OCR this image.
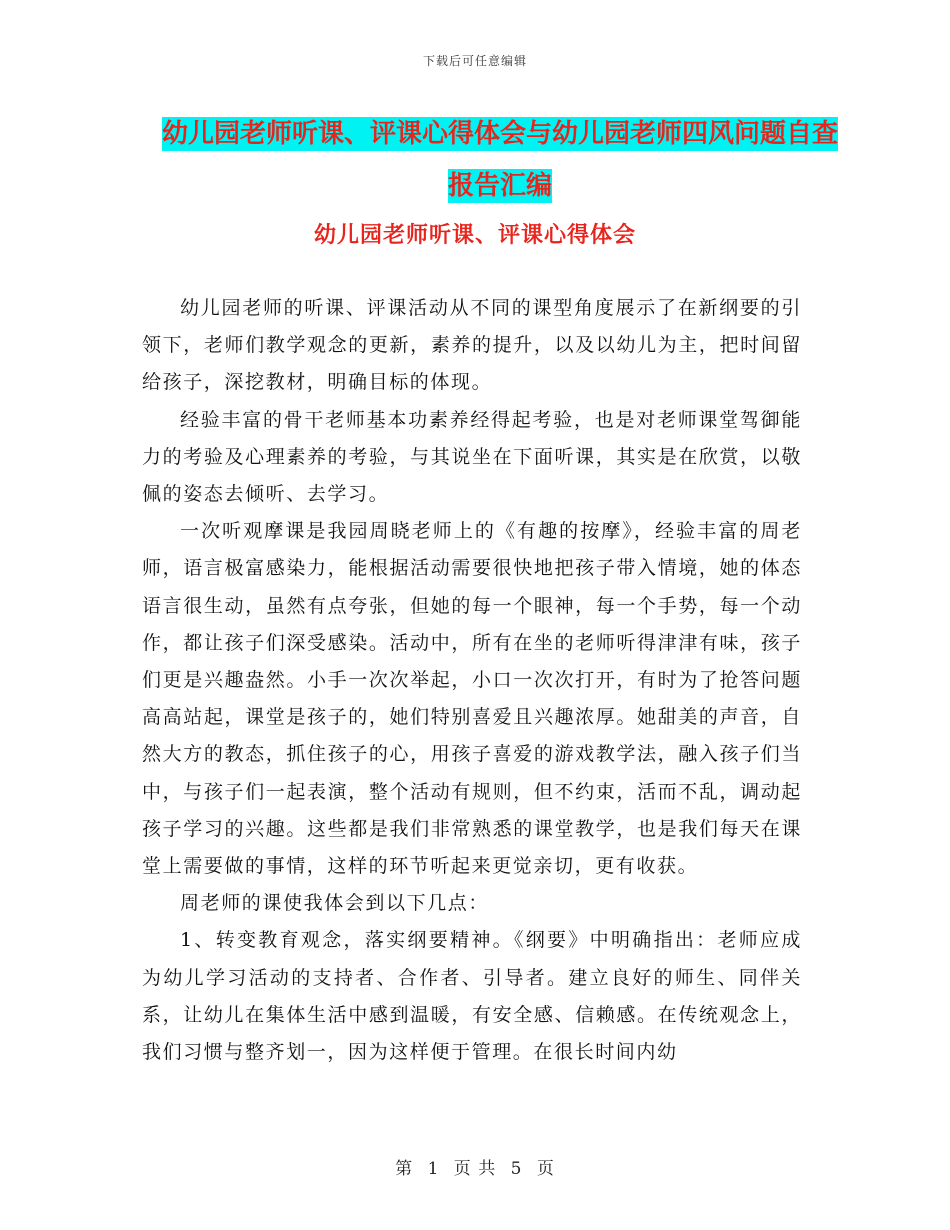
下载后可任意编辑
幼儿园老师听课、评课心得体会与幼儿园老师四风问题自查报告汇编
幼儿园老师听课、评课心得体会

幼儿园老师的听课、评课活动从不同的课型角度展示了在新纲要的引领下，老师们教学观念的更新，素养的提升，以及以幼儿为主，把时间留给孩子，深挖教材，明确目标的体现。

经验丰富的骨干老师基本功素养经得起考验，也是对老师课堂驾御能力的考验及心理素养的考验，与其说坐在下面听课，其实是在欣赏，以敬佩的姿态去倾听、去学习。

一次听观摩课是我园周晓老师上的《有趣的按摩》，经验丰富的周老师，语言极富感染力，能根据活动需要很快地把孩子带入情境，她的体态语言很生动，虽然有点夸张，但她的每一个眼神，每一个手势，每一个动作，都让孩子们深受感染。活动中，所有在坐的老师听得津津有味，孩子们更是兴趣盎然。小手一次次举起，小口一次次打开，有时为了抢答问题高高站起，课堂是孩子的，她们特别喜爱且兴趣浓厚。她甜美的声音，自然大方的教态，抓住孩子的心，用孩子喜爱的游戏教学法，融入孩子们当中，与孩子们一起表演，整个活动有规则，但不约束，活而不乱，调动起孩子学习的兴趣。这些都是我们非常熟悉的课堂教学，也是我们每天在课堂上需要做的事情，这样的环节听起来更觉亲切，更有收获。

周老师的课使我体会到以下几点：

1、转变教育观念，落实纲要精神。《纲要》中明确指出：老师应成为幼儿学习活动的支持者、合作者、引导者。建立良好的师生、同伴关系，让幼儿在集体生活中感到温暖，有安全感、信赖感。在传统观念上，我们习惯与整齐划一，因为这样便于管理。在很长时间内幼

第 1 页 共 5 页
